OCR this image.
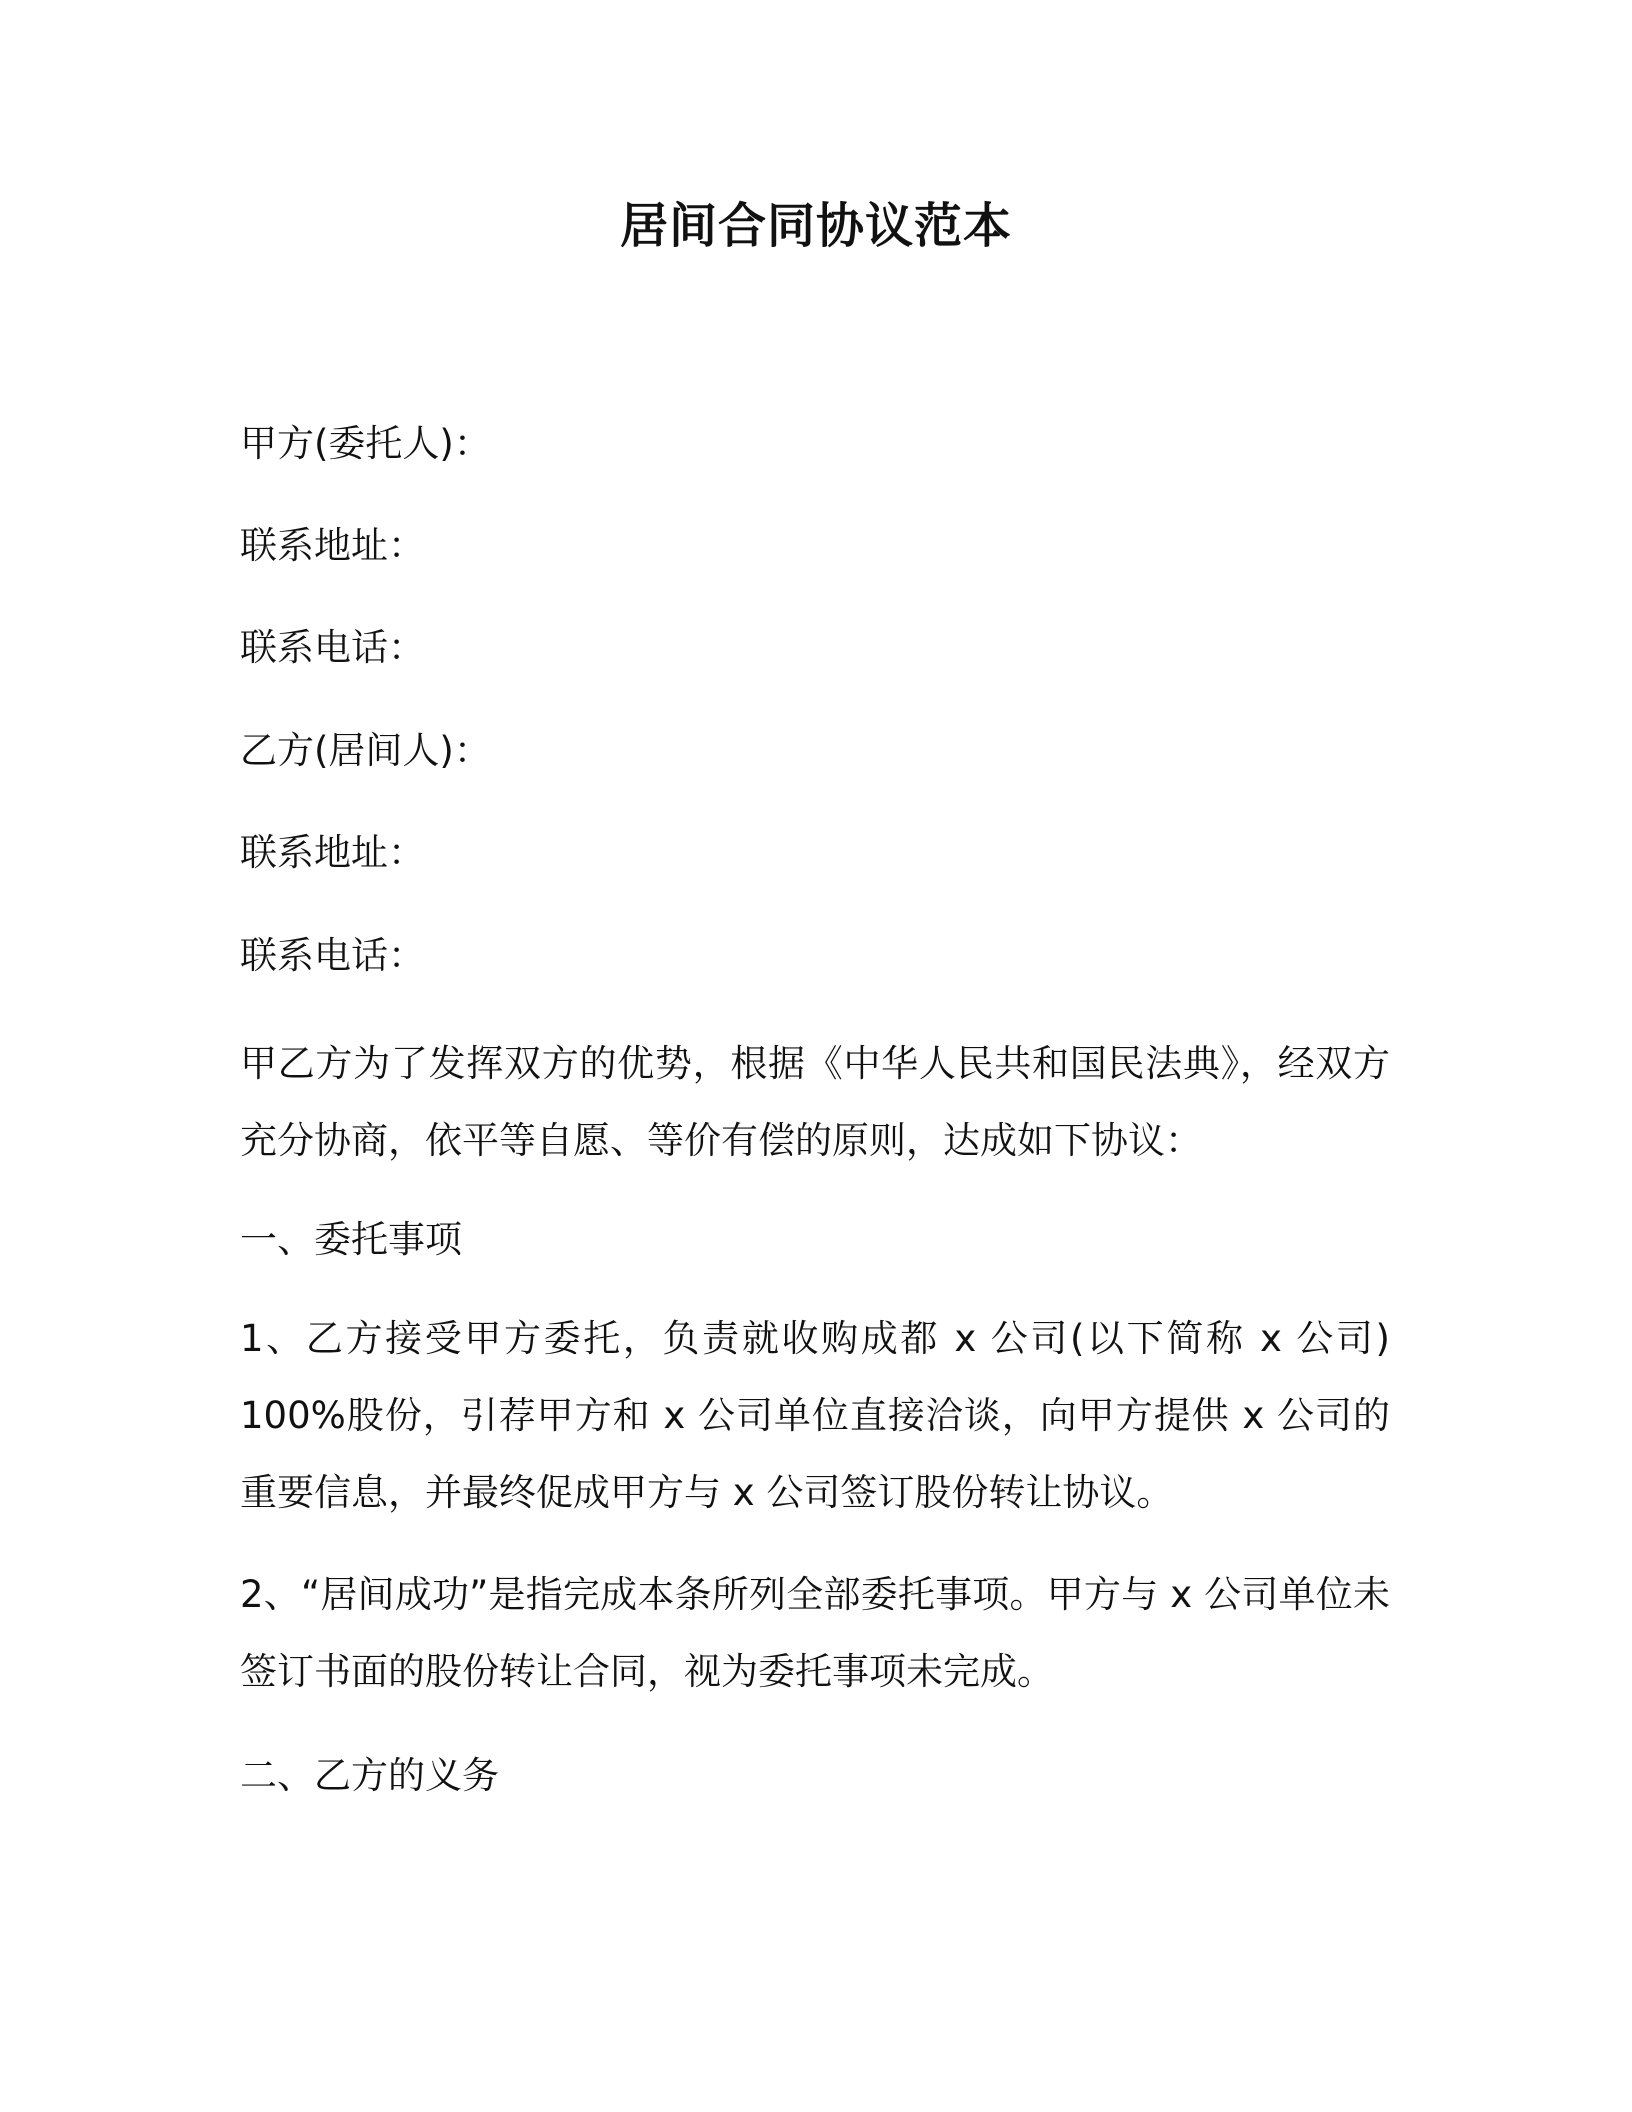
居间合同协议范本
甲方(委托人)：
联系地址：
联系电话：
乙方(居间人)：
联系地址：
联系电话：
甲乙方为了发挥双方的优势，根据《中华人民共和国民法典》，经双方充分协商，依平等自愿、等价有偿的原则，达成如下协议：
一、委托事项
1、乙方接受甲方委托，负责就收购成都 x 公司(以下简称 x 公司) 100%股份，引荐甲方和 x 公司单位直接洽谈，向甲方提供 x 公司的重要信息，并最终促成甲方与 x 公司签订股份转让协议。
2、“居间成功”是指完成本条所列全部委托事项。甲方与 x 公司单位未签订书面的股份转让合同，视为委托事项未完成。
二、乙方的义务
